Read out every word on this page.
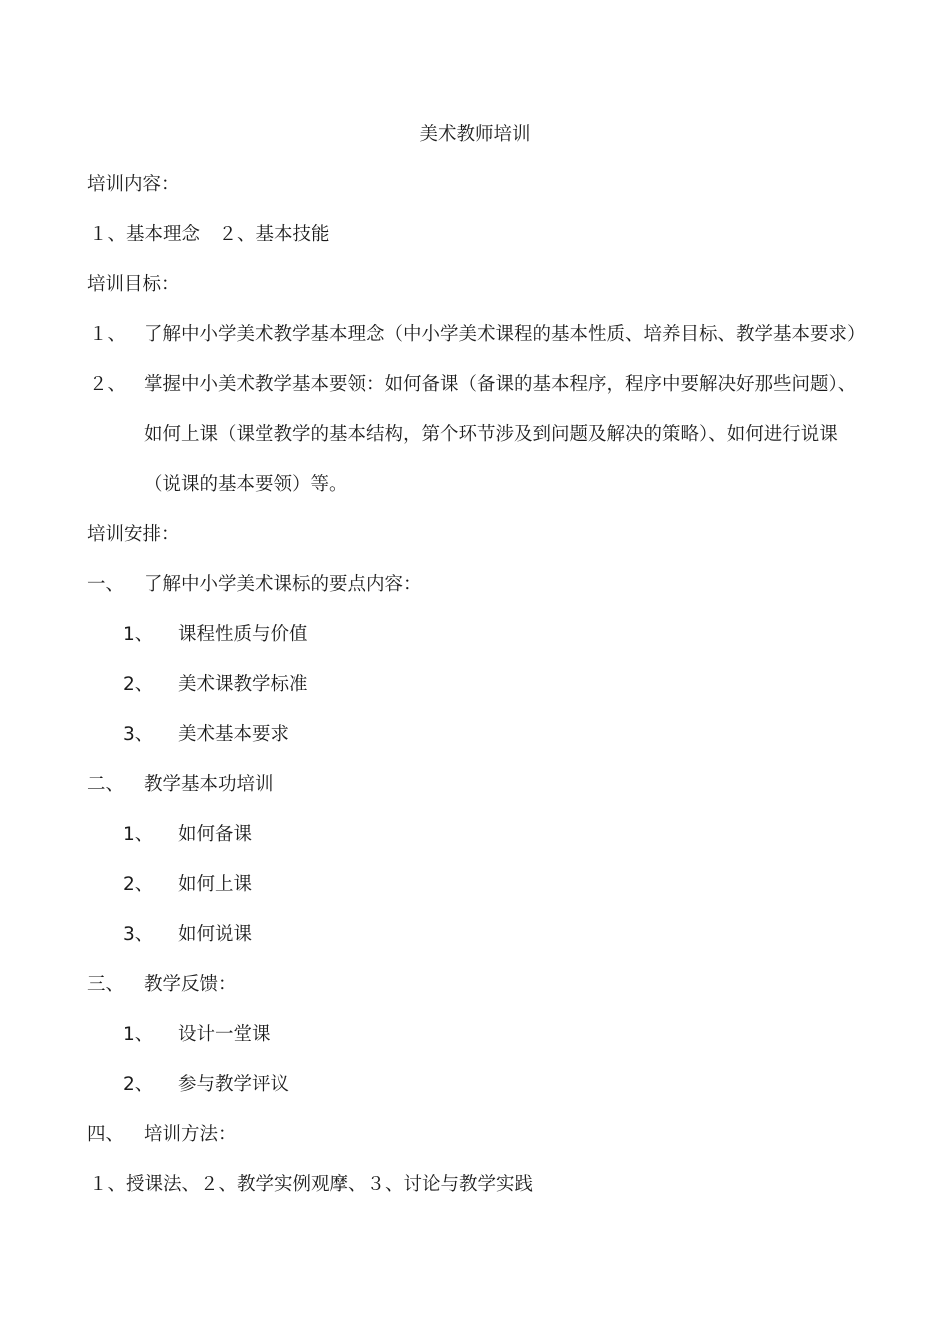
美术教师培训
培训内容：
１、基本理念　２、基本技能
培训目标：
１、 了解中小学美术教学基本理念（中小学美术课程的基本性质、培养目标、教学基本要求）
２、 掌握中小美术教学基本要领：如何备课（备课的基本程序，程序中要解决好那些问题）、
如何上课（课堂教学的基本结构，第个环节涉及到问题及解决的策略）、如何进行说课
（说课的基本要领）等。
培训安排：
一、 了解中小学美术课标的要点内容：
1、 课程性质与价值
2、 美术课教学标准
3、 美术基本要求
二、 教学基本功培训
1、 如何备课
2、 如何上课
3、 如何说课
三、 教学反馈：
1、 设计一堂课
2、 参与教学评议
四、 培训方法：
１、授课法、２、教学实例观摩、３、讨论与教学实践
